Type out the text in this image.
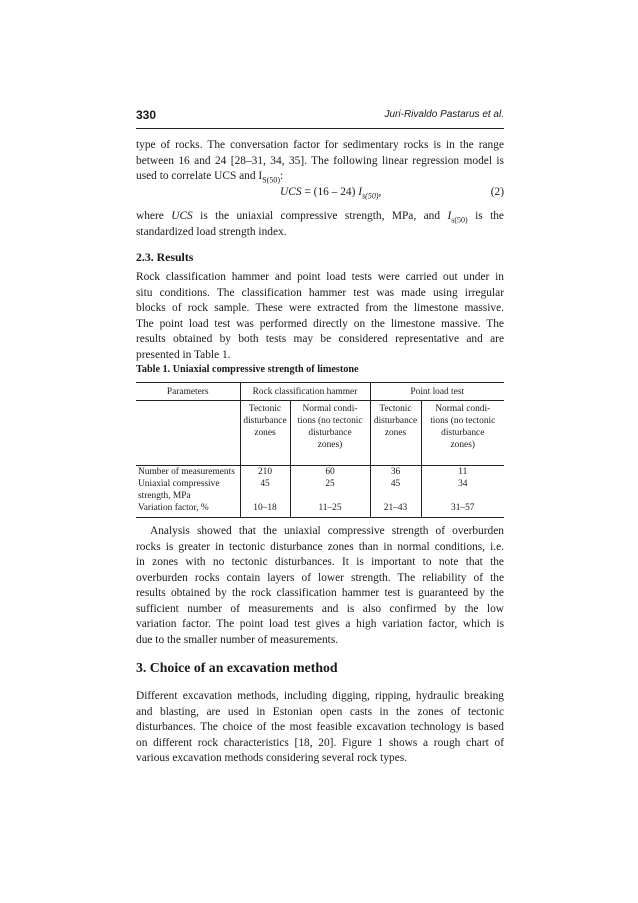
330	Juri-Rivaldo Pastarus et al.
type of rocks. The conversation factor for sedimentary rocks is in the range
between 16 and 24 [28–31, 34, 35]. The following linear regression model is
used to correlate UCS and $I_{S(50)}$:
UCS = (16 – 24) $I_{s(50)}$,	(2)
where UCS is the uniaxial compressive strength, MPa, and $I_{s(50)}$ is the
standardized load strength index.
2.3. Results
Rock classification hammer and point load tests were carried out under in
situ conditions. The classification hammer test was made using irregular
blocks of rock sample. These were extracted from the limestone massive.
The point load test was performed directly on the limestone massive. The
results obtained by both tests may be considered representative and are
presented in Table 1.
Table 1. Uniaxial compressive strength of limestone
Parameters	Rock classification hammer		Point load test	
	Tectonic
disturbance
zones	Normal condi-
tions (no tectonic
disturbance
zones)	Tectonic
disturbance
zones	Normal condi-
tions (no tectonic
disturbance
zones)
Number of measurements	210	60	36	11
Uniaxial compressive
strength, MPa	45	25	45	34
Variation factor, %	10–18	11–25	21–43	31–57
Analysis showed that the uniaxial compressive strength of overburden
rocks is greater in tectonic disturbance zones than in normal conditions, i.e.
in zones with no tectonic disturbances. It is important to note that the
overburden rocks contain layers of lower strength. The reliability of the
results obtained by the rock classification hammer test is guaranteed by the
sufficient number of measurements and is also confirmed by the low
variation factor. The point load test gives a high variation factor, which is
due to the smaller number of measurements.
3. Choice of an excavation method
Different excavation methods, including digging, ripping, hydraulic breaking
and blasting, are used in Estonian open casts in the zones of tectonic
disturbances. The choice of the most feasible excavation technology is based
on different rock characteristics [18, 20]. Figure 1 shows a rough chart of
various excavation methods considering several rock types.
